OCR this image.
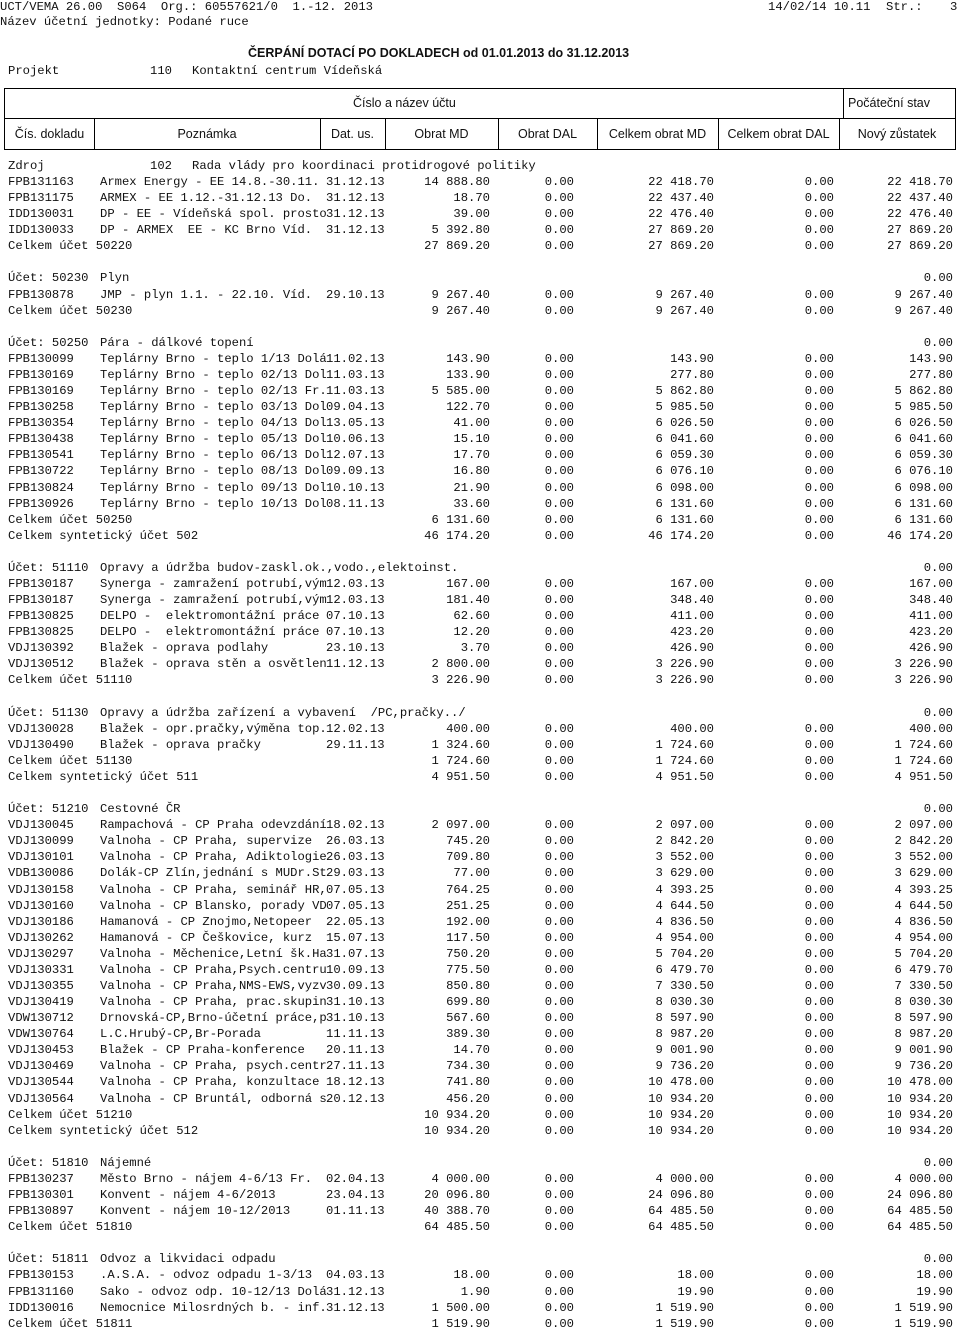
UCT/VEMA 26.00  S064  Org.: 60557621/0  1.-12. 2013	14/02/14 10.11 Str.: 3
Název účetní jednotky: Podané ruce
ČERPÁNÍ DOTACÍ PO DOKLADECH od 01.01.2013 do 31.12.2013
Projekt	110 Kontaktní centrum Vídeňská
Číslo a název účtu	Počáteční stav
Čís. dokladu	Poznámka	Dat. us.	Obrat MD	Obrat DAL	Celkem obrat MD	Celkem obrat DAL	Nový zůstatek
Zdroj	102 Rada vlády pro koordinaci protidrogové politiky
FPB131163 Armex Energy - EE 14.8.-30.11. 31.12.13	14 888.80	0.00	22 418.70	0.00	22 418.70
FPB131175 ARMEX - EE 1.12.-31.12.13 Do. 31.12.13	18.70	0.00	22 437.40	0.00	22 437.40
IDD130031 DP - EE - Vídeňská spol. prosto 31.12.13	39.00	0.00	22 476.40	0.00	22 476.40
IDD130033 DP - ARMEX  EE - KC Brno Víd. 31.12.13	5 392.80	0.00	27 869.20	0.00	27 869.20
Celkem účet 50220	27 869.20	0.00	27 869.20	0.00	27 869.20
Účet: 50230 Plyn	0.00
FPB130878 JMP - plyn 1.1. - 22.10. Víd. 29.10.13	9 267.40	0.00	9 267.40	0.00	9 267.40
Celkem účet 50230	9 267.40	0.00	9 267.40	0.00	9 267.40
Účet: 50250 Pára - dálkové topení	0.00
FPB130099 Teplárny Brno - teplo 1/13 Dolá 11.02.13	143.90	0.00	143.90	0.00	143.90
FPB130169 Teplárny Brno - teplo 02/13 Dol 11.03.13	133.90	0.00	277.80	0.00	277.80
FPB130169 Teplárny Brno - teplo 02/13 Fr. 11.03.13	5 585.00	0.00	5 862.80	0.00	5 862.80
FPB130258 Teplárny Brno - teplo 03/13 Dol 09.04.13	122.70	0.00	5 985.50	0.00	5 985.50
FPB130354 Teplárny Brno - teplo 04/13 Dol 13.05.13	41.00	0.00	6 026.50	0.00	6 026.50
FPB130438 Teplárny Brno - teplo 05/13 Dol 10.06.13	15.10	0.00	6 041.60	0.00	6 041.60
FPB130541 Teplárny Brno - teplo 06/13 Dol 12.07.13	17.70	0.00	6 059.30	0.00	6 059.30
FPB130722 Teplárny Brno - teplo 08/13 Dol 09.09.13	16.80	0.00	6 076.10	0.00	6 076.10
FPB130824 Teplárny Brno - teplo 09/13 Dol 10.10.13	21.90	0.00	6 098.00	0.00	6 098.00
FPB130926 Teplárny Brno - teplo 10/13 Dol 08.11.13	33.60	0.00	6 131.60	0.00	6 131.60
Celkem účet 50250	6 131.60	0.00	6 131.60	0.00	6 131.60
Celkem syntetický účet 502	46 174.20	0.00	46 174.20	0.00	46 174.20
Účet: 51110 Opravy a údržba budov-zaskl.ok.,vodo.,elektoinst.	0.00
FPB130187 Synerga - zamražení potrubí,vým 12.03.13	167.00	0.00	167.00	0.00	167.00
FPB130187 Synerga - zamražení potrubí,vým 12.03.13	181.40	0.00	348.40	0.00	348.40
FPB130825 DELPO -  elektromontážní práce 07.10.13	62.60	0.00	411.00	0.00	411.00
FPB130825 DELPO -  elektromontážní práce 07.10.13	12.20	0.00	423.20	0.00	423.20
VDJ130392 Blažek - oprava podlahy	23.10.13	3.70	0.00	426.90	0.00	426.90
VDJ130512 Blažek - oprava stěn a osvětlen 11.12.13	2 800.00	0.00	3 226.90	0.00	3 226.90
Celkem účet 51110	3 226.90	0.00	3 226.90	0.00	3 226.90
Účet: 51130 Opravy a údržba zařízení a vybavení  /PC,pračky../	0.00
VDJ130028 Blažek - opr.pračky,výměna top. 12.02.13	400.00	0.00	400.00	0.00	400.00
VDJ130490 Blažek - oprava pračky	29.11.13	1 324.60	0.00	1 724.60	0.00	1 724.60
Celkem účet 51130	1 724.60	0.00	1 724.60	0.00	1 724.60
Celkem syntetický účet 511	4 951.50	0.00	4 951.50	0.00	4 951.50
Účet: 51210 Cestovné ČR	0.00
VDJ130045 Rampachová - CP Praha odevzdání 18.02.13	2 097.00	0.00	2 097.00	0.00	2 097.00
VDJ130099 Valnoha - CP Praha, supervize 26.03.13	745.20	0.00	2 842.20	0.00	2 842.20
VDJ130101 Valnoha - CP Praha, Adiktologie 26.03.13	709.80	0.00	3 552.00	0.00	3 552.00
VDB130086 Dolák-CP Zlín,jednání s MUDr.St 29.03.13	77.00	0.00	3 629.00	0.00	3 629.00
VDJ130158 Valnoha - CP Praha, seminář HR, 07.05.13	764.25	0.00	4 393.25	0.00	4 393.25
VDJ130160 Valnoha - CP Blansko, porady VD 07.05.13	251.25	0.00	4 644.50	0.00	4 644.50
VDJ130186 Hamanová - CP Znojmo,Netopeer 22.05.13	192.00	0.00	4 836.50	0.00	4 836.50
VDJ130262 Hamanová - CP Češkovice, kurz 15.07.13	117.50	0.00	4 954.00	0.00	4 954.00
VDJ130297 Valnoha - Měchenice,Letní šk.Ha 31.07.13	750.20	0.00	5 704.20	0.00	5 704.20
VDJ130331 Valnoha - CP Praha,Psych.centru 10.09.13	775.50	0.00	6 479.70	0.00	6 479.70
VDJ130355 Valnoha - CP Praha,NMS-EWS,vyzv 30.09.13	850.80	0.00	7 330.50	0.00	7 330.50
VDJ130419 Valnoha - CP Praha, prac.skupin 31.10.13	699.80	0.00	8 030.30	0.00	8 030.30
VDW130712 Drnovská-CP,Brno-účetní práce,p 31.10.13	567.60	0.00	8 597.90	0.00	8 597.90
VDW130764 L.C.Hrubý-CP,Br-Porada	11.11.13	389.30	0.00	8 987.20	0.00	8 987.20
VDJ130453 Blažek - CP Praha-konference 20.11.13	14.70	0.00	9 001.90	0.00	9 001.90
VDJ130469 Valnoha - CP Praha, psych.centr 27.11.13	734.30	0.00	9 736.20	0.00	9 736.20
VDJ130544 Valnoha - CP Praha, konzultace 18.12.13	741.80	0.00	10 478.00	0.00	10 478.00
VDJ130564 Valnoha - CP Bruntál, odborná s 20.12.13	456.20	0.00	10 934.20	0.00	10 934.20
Celkem účet 51210	10 934.20	0.00	10 934.20	0.00	10 934.20
Celkem syntetický účet 512	10 934.20	0.00	10 934.20	0.00	10 934.20
Účet: 51810 Nájemné	0.00
FPB130237 Město Brno - nájem 4-6/13 Fr. 02.04.13	4 000.00	0.00	4 000.00	0.00	4 000.00
FPB130301 Konvent - nájem 4-6/2013	23.04.13	20 096.80	0.00	24 096.80	0.00	24 096.80
FPB130897 Konvent - nájem 10-12/2013	01.11.13	40 388.70	0.00	64 485.50	0.00	64 485.50
Celkem účet 51810	64 485.50	0.00	64 485.50	0.00	64 485.50
Účet: 51811 Odvoz a likvidaci odpadu	0.00
FPB130153 .A.S.A. - odvoz odpadu 1-3/13 04.03.13	18.00	0.00	18.00	0.00	18.00
FPB131160 Sako - odvoz odp. 10-12/13 Dolá 31.12.13	1.90	0.00	19.90	0.00	19.90
IDD130016 Nemocnice Milosrdných b. - inf. 31.12.13	1 500.00	0.00	1 519.90	0.00	1 519.90
Celkem účet 51811	1 519.90	0.00	1 519.90	0.00	1 519.90
